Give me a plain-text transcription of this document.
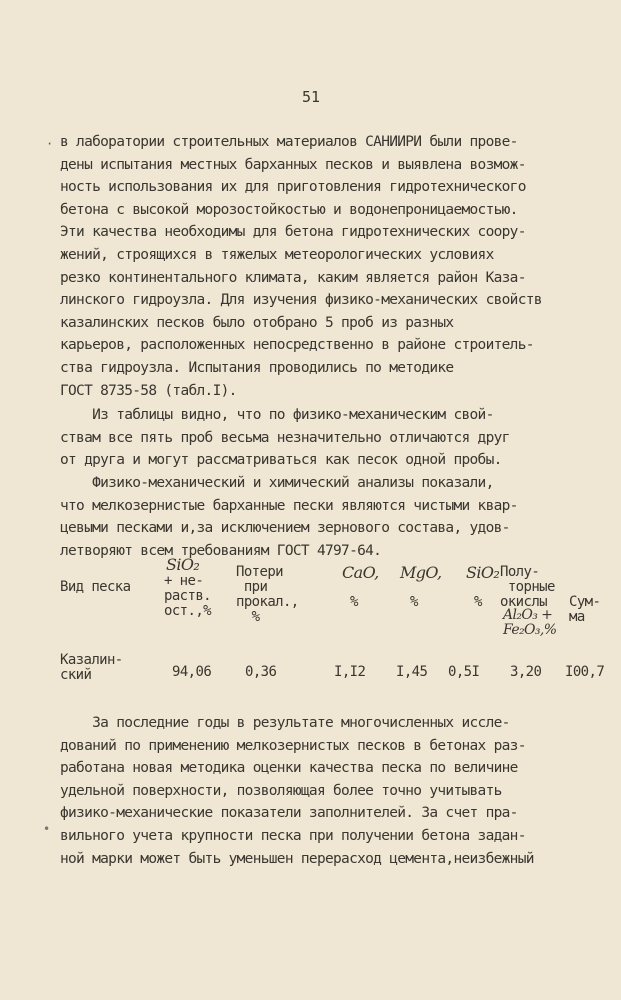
51
· в лаборатории строительных материалов САНИИРИ были прове-
дены испытания местных барханных песков и выявлена возмож-
ность использования их для приготовления гидротехнического
бетона с высокой морозостойкостью и водонепроницаемостью.
Эти качества необходимы для бетона гидротехнических соору-
жений, строящихся в тяжелых метеорологических условиях
резко континентального климата, каким является район Каза-
линского гидроузла. Для изучения физико-механических свойств
казалинских песков было отобрано 5 проб из разных
карьеров, расположенных непосредственно в районе строитель-
ства гидроузла. Испытания проводились по методике
ГОСТ 8735-58 (табл.I).
Из таблицы видно, что по физико-механическим свой-
ствам все пять проб весьма незначительно отличаются друг
от друга и могут рассматриваться как песок одной пробы.
Физико-механический и химический анализы показали,
что мелкозернистые барханные пески являются чистыми квар-
цевыми песками и,за исключением зернового состава, удов-
летворяют всем требованиям ГОСТ 4797-64.
Вид песка
SiO₂
+ не-
раств.
ост.,%
Потери
при
прокал.,
%
CaO,
%
MgO,
%
SiO₂
%
Полу-
торные
окислы
Al₂O₃ +
Fe₂O₃,%
Сум-
ма
Казалин-
ский	94,06 0,36	I,I2 I,45 0,5I 3,20 I00,7
•
За последние годы в результате многочисленных иссле-
дований по применению мелкозернистых песков в бетонах раз-
работана новая методика оценки качества песка по величине
удельной поверхности, позволяющая более точно учитывать
физико-механические показатели заполнителей. За счет пра-
вильного учета крупности песка при получении бетона задан-
ной марки может быть уменьшен перерасход цемента,неизбежный
